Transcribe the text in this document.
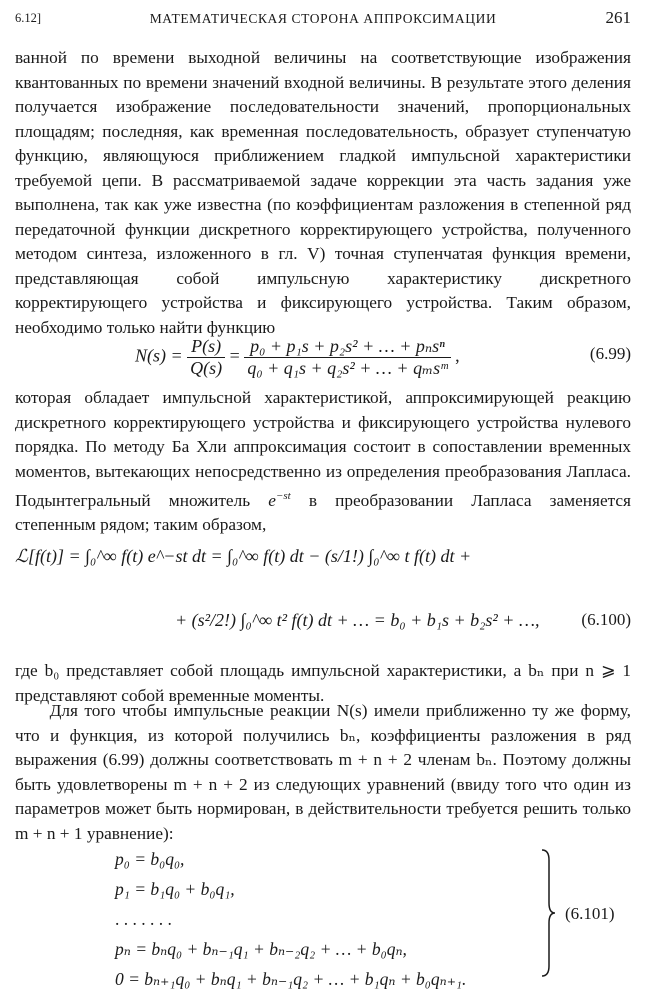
6.12]	МАТЕМАТИЧЕСКАЯ СТОРОНА АППРОКСИМАЦИИ	261

ванной по времени выходной величины на соответствующие изображения квантованных по времени значений входной величины. В результате этого деления получается изображение последовательности значений, пропорциональных площадям; последняя, как временная последовательность, образует ступенчатую функцию, являющуюся приближением гладкой импульсной характеристики требуемой цепи. В рассматриваемой задаче коррекции эта часть задания уже выполнена, так как уже известна (по коэффициентам разложения в степенной ряд передаточной функции дискретного корректирующего устройства, полученного методом синтеза, изложенного в гл. V) точная ступенчатая функция времени, представляющая собой импульсную характеристику дискретного корректирующего устройства и фиксирующего устройства. Таким образом, необходимо только найти функцию

$N(s) = \frac{P(s)}{Q(s)} = \frac{\text{p₀ + p₁s + p₂s² + … + pₙsⁿ}}{\text{q₀ + q₁s + q₂s² + … + qₘsᵐ}}$ ,	(6.99)

которая обладает импульсной характеристикой, аппроксимирующей реакцию дискретного корректирующего устройства и фиксирующего устройства нулевого порядка. По методу Ба Хли аппроксимация состоит в сопоставлении временных моментов, вытекающих непосредственно из определения преобразования Лапласа. Подынтегральный множитель $e^{-st}$ в преобразовании Лапласа заменяется степенным рядом; таким образом,

ℒ[f(t)] = ∫₀^∞ f(t) e^−st dt = ∫₀^∞ f(t) dt − (s/1!) ∫₀^∞ t f(t) dt +
+ (s²/2!) ∫₀^∞ t² f(t) dt + … = b₀ + b₁s + b₂s² + …, (6.100)

где b₀ представляет собой площадь импульсной характеристики, а bₙ при n ⩾ 1 представляют собой временные моменты.

Для того чтобы импульсные реакции N(s) имели приближенно ту же форму, что и функция, из которой получились bₙ, коэффициенты разложения в ряд выражения (6.99) должны соответствовать m + n + 2 членам bₙ. Поэтому должны быть удовлетворены m + n + 2 из следующих уравнений (ввиду того что один из параметров может быть нормирован, в действительности требуется решить только m + n + 1 уравнение):

p₀ = b₀q₀,
p₁ = b₁q₀ + b₀q₁,
. . . . . . .
pₙ = bₙq₀ + bₙ₋₁q₁ + bₙ₋₂q₂ + … + b₀qₙ,
0 = bₙ₊₁q₀ + bₙq₁ + bₙ₋₁q₂ + … + b₁qₙ + b₀qₙ₊₁.
(6.101)
